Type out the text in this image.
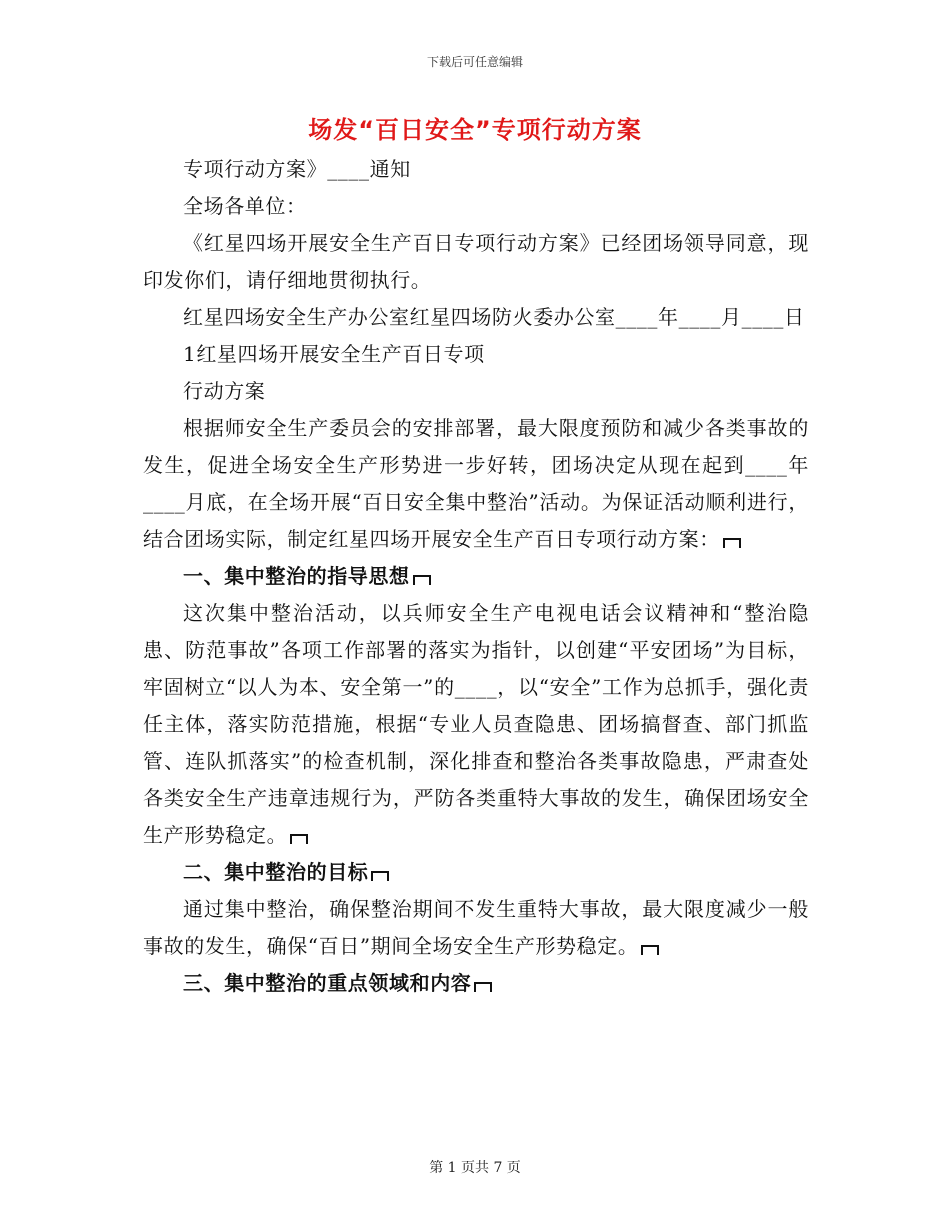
下载后可任意编辑
场发“百日安全”专项行动方案

专项行动方案》____通知

全场各单位：

《红星四场开展安全生产百日专项行动方案》已经团场领导同意，现印发你们，请仔细地贯彻执行。

红星四场安全生产办公室红星四场防火委办公室____年____月____日

1红星四场开展安全生产百日专项

行动方案

根据师安全生产委员会的安排部署，最大限度预防和减少各类事故的发生，促进全场安全生产形势进一步好转，团场决定从现在起到____年____月底，在全场开展“百日安全集中整治”活动。为保证活动顺利进行，结合团场实际，制定红星四场开展安全生产百日专项行动方案：

一、集中整治的指导思想

这次集中整治活动，以兵师安全生产电视电话会议精神和“整治隐患、防范事故”各项工作部署的落实为指针，以创建“平安团场”为目标，牢固树立“以人为本、安全第一”的____，以“安全”工作为总抓手，强化责任主体，落实防范措施，根据“专业人员查隐患、团场搞督查、部门抓监管、连队抓落实”的检查机制，深化排查和整治各类事故隐患，严肃查处各类安全生产违章违规行为，严防各类重特大事故的发生，确保团场安全生产形势稳定。

二、集中整治的目标

通过集中整治，确保整治期间不发生重特大事故，最大限度减少一般事故的发生，确保“百日”期间全场安全生产形势稳定。

三、集中整治的重点领域和内容

第 1 页共 7 页
